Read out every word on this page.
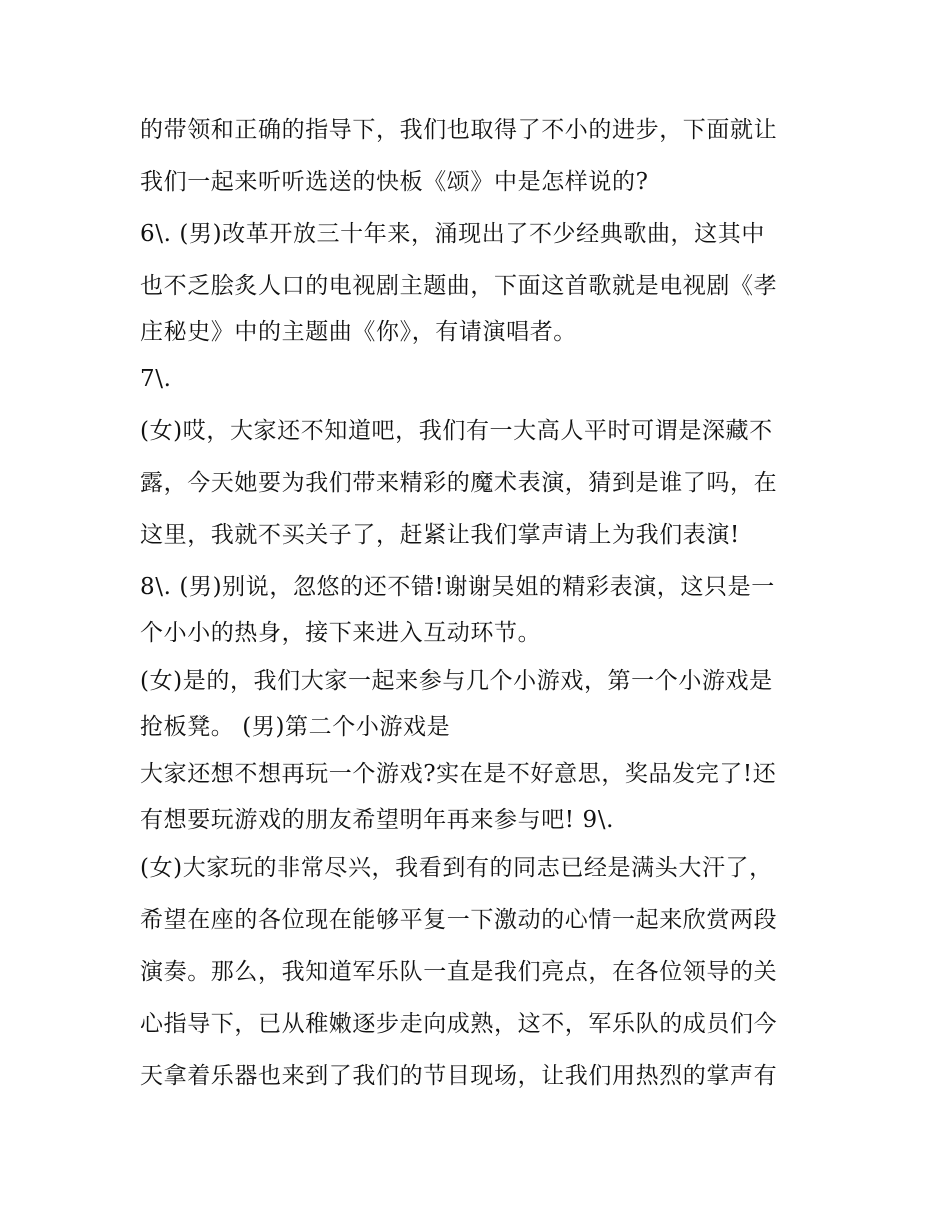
的带领和正确的指导下，我们也取得了不小的进步，下面就让
我们一起来听听选送的快板《颂》中是怎样说的?
6\. (男)改革开放三十年来，涌现出了不少经典歌曲，这其中
也不乏脍炙人口的电视剧主题曲，下面这首歌就是电视剧《孝
庄秘史》中的主题曲《你》，有请演唱者。
7\.
(女)哎，大家还不知道吧，我们有一大高人平时可谓是深藏不
露，今天她要为我们带来精彩的魔术表演，猜到是谁了吗，在
这里，我就不买关子了，赶紧让我们掌声请上为我们表演!
8\. (男)别说，忽悠的还不错!谢谢吴姐的精彩表演，这只是一
个小小的热身，接下来进入互动环节。
(女)是的，我们大家一起来参与几个小游戏，第一个小游戏是
抢板凳。 (男)第二个小游戏是
大家还想不想再玩一个游戏?实在是不好意思，奖品发完了!还
有想要玩游戏的朋友希望明年再来参与吧! 9\.
(女)大家玩的非常尽兴，我看到有的同志已经是满头大汗了，
希望在座的各位现在能够平复一下激动的心情一起来欣赏两段
演奏。那么，我知道军乐队一直是我们亮点，在各位领导的关
心指导下，已从稚嫩逐步走向成熟，这不，军乐队的成员们今
天拿着乐器也来到了我们的节目现场，让我们用热烈的掌声有
